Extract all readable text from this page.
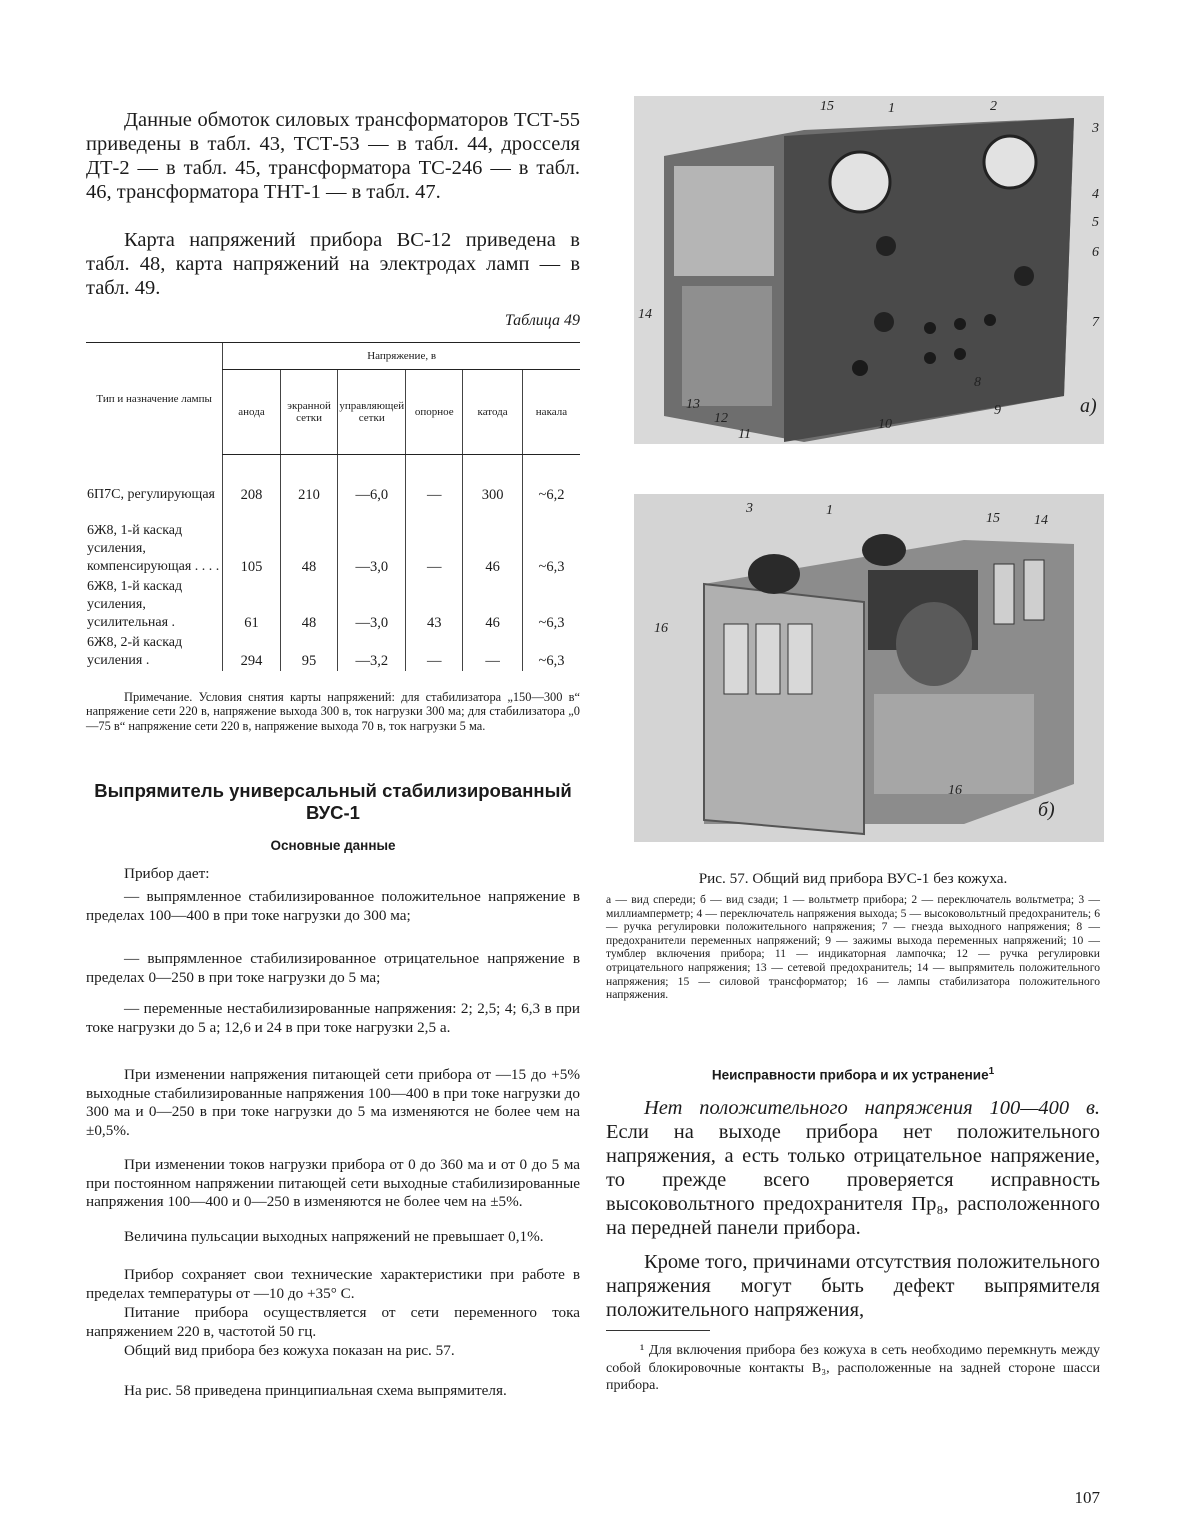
Данные обмоток силовых трансформаторов ТСТ-55 приведены в табл. 43, ТСТ-53 — в табл. 44, дросселя ДТ-2 — в табл. 45, трансформатора ТС-246 — в табл. 46, трансформатора ТНТ-1 — в табл. 47.

Карта напряжений прибора ВС-12 приведена в табл. 48, карта напряжений на электродах ламп — в табл. 49.

Таблица 49

Тип и назначение лампы	Напряжение, в					
	анода	экранной сетки	управляющей сетки	опорное	катода	накала
6П7С, регулирующая	208	210	—6,0	—	300	~6,2
6Ж8, 1-й каскад усиления, компенсирующая . . . .	105	48	—3,0	—	46	~6,3
6Ж8, 1-й каскад усиления, усилительная .	61	48	—3,0	43	46	~6,3
6Ж8, 2-й каскад усиления .	294	95	—3,2	—	—	~6,3

Примечание. Условия снятия карты напряжений: для стабилизатора „150—300 в“ напряжение сети 220 в, напряжение выхода 300 в, ток нагрузки 300 ма; для стабилизатора „0—75 в“ напряжение сети 220 в, напряжение выхода 70 в, ток нагрузки 5 ма.

Выпрямитель универсальный стабилизированный ВУС-1
Основные данные

Прибор дает:

— выпрямленное стабилизированное положительное напряжение в пределах 100—400 в при токе нагрузки до 300 ма;

— выпрямленное стабилизированное отрицательное напряжение в пределах 0—250 в при токе нагрузки до 5 ма;

— переменные нестабилизированные напряжения: 2; 2,5; 4; 6,3 в при токе нагрузки до 5 а; 12,6 и 24 в при токе нагрузки 2,5 а.

При изменении напряжения питающей сети прибора от —15 до +5% выходные стабилизированные напряжения 100—400 в при токе нагрузки до 300 ма и 0—250 в при токе нагрузки до 5 ма изменяются не более чем на ±0,5%.

При изменении токов нагрузки прибора от 0 до 360 ма и от 0 до 5 ма при постоянном напряжении питающей сети выходные стабилизированные напряжения 100—400 и 0—250 в изменяются не более чем на ±5%.

Величина пульсации выходных напряжений не превышает 0,1%.

Прибор сохраняет свои технические характеристики при работе в пределах температуры от —10 до +35° С.

Питание прибора осуществляется от сети переменного тока напряжением 220 в, частотой 50 гц.

Общий вид прибора без кожуха показан на рис. 57.

На рис. 58 приведена принципиальная схема выпрямителя.

15	1	2
3
4
5
6
7
8
9
10
11
12
13
14
а)
3	1
15 14
16
16
б)

Рис. 57. Общий вид прибора ВУС-1 без кожуха.

а — вид спереди; б — вид сзади; 1 — вольтметр прибора; 2 — переключатель вольтметра; 3 — миллиамперметр; 4 — переключатель напряжения выхода; 5 — высоковольтный предохранитель; 6 — ручка регулировки положительного напряжения; 7 — гнезда выходного напряжения; 8 — предохранители переменных напряжений; 9 — зажимы выхода переменных напряжений; 10 — тумблер включения прибора; 11 — индикаторная лампочка; 12 — ручка регулировки отрицательного напряжения; 13 — сетевой предохранитель; 14 — выпрямитель положительного напряжения; 15 — силовой трансформатор; 16 — лампы стабилизатора положительного напряжения.

Неисправности прибора и их устранение$^1$

Нет положительного напряжения 100—400 в. Если на выходе прибора нет положительного напряжения, а есть только отрицательное напряжение, то прежде всего проверяется исправность высоковольтного предохранителя Пр₈, расположенного на передней панели прибора.

Кроме того, причинами отсутствия положительного напряжения могут быть дефект выпрямителя положительного напряжения,

¹ Для включения прибора без кожуха в сеть необходимо перемкнуть между собой блокировочные контакты В₃, расположенные на задней стороне шасси прибора.

107
